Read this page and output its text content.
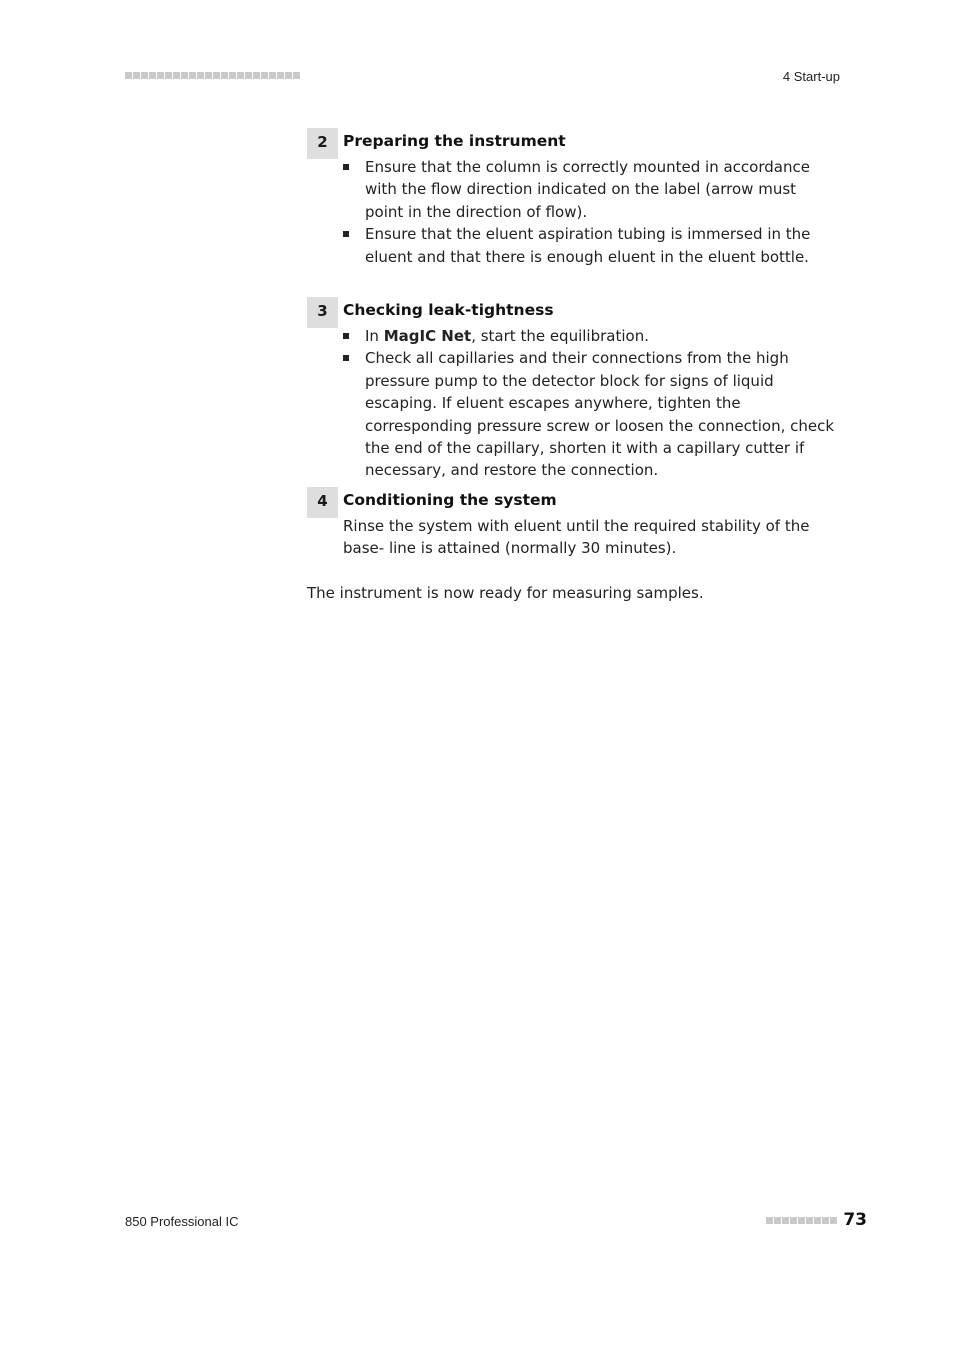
4 Start-up
2 Preparing the instrument
Ensure that the column is correctly mounted in accordance with the flow direction indicated on the label (arrow must point in the direction of flow).
Ensure that the eluent aspiration tubing is immersed in the eluent and that there is enough eluent in the eluent bottle.
3 Checking leak-tightness
In MagIC Net, start the equilibration.
Check all capillaries and their connections from the high pressure pump to the detector block for signs of liquid escaping. If eluent escapes anywhere, tighten the corresponding pressure screw or loosen the connection, check the end of the capillary, shorten it with a capillary cutter if necessary, and restore the connection.
4 Conditioning the system

Rinse the system with eluent until the required stability of the base- line is attained (normally 30 minutes).

The instrument is now ready for measuring samples.
850 Professional IC	73
